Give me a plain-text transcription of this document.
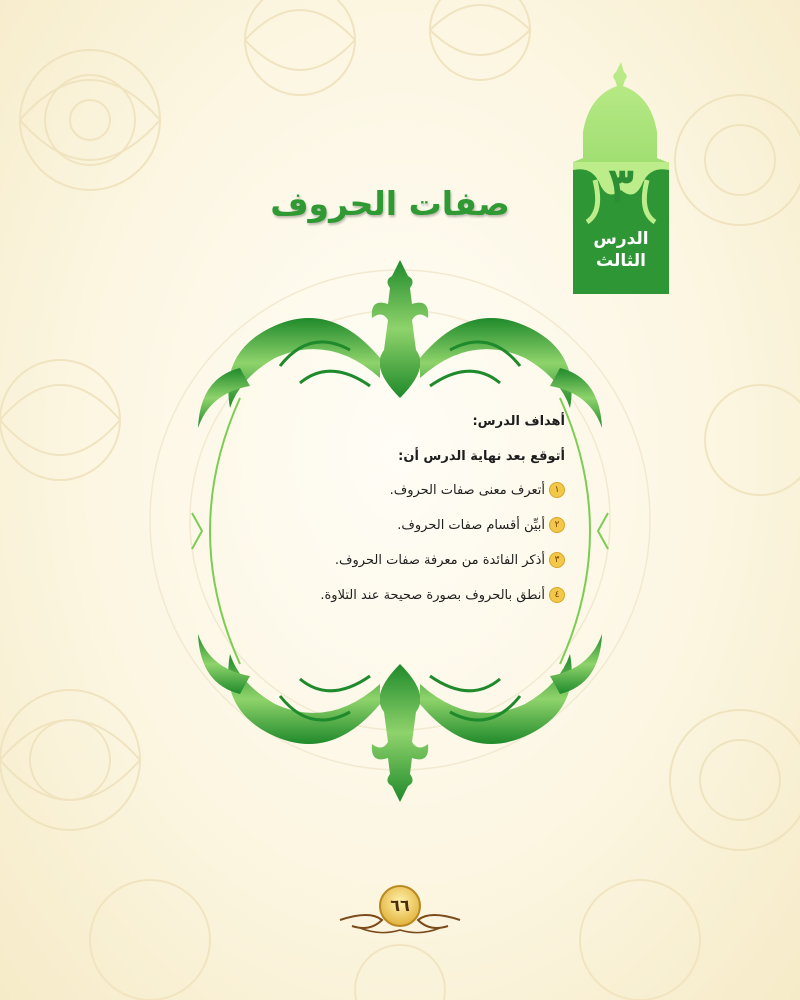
٣
الدرس
الثالث
صفات الحروف
أهداف الدرس:
أتوقع بعد نهاية الدرس أن:
١
أتعرف معنى صفات الحروف.
٢
أبيِّن أقسام صفات الحروف.
٣
أذكر الفائدة من معرفة صفات الحروف.
٤
أنطق بالحروف بصورة صحيحة عند التلاوة.
٦٦
